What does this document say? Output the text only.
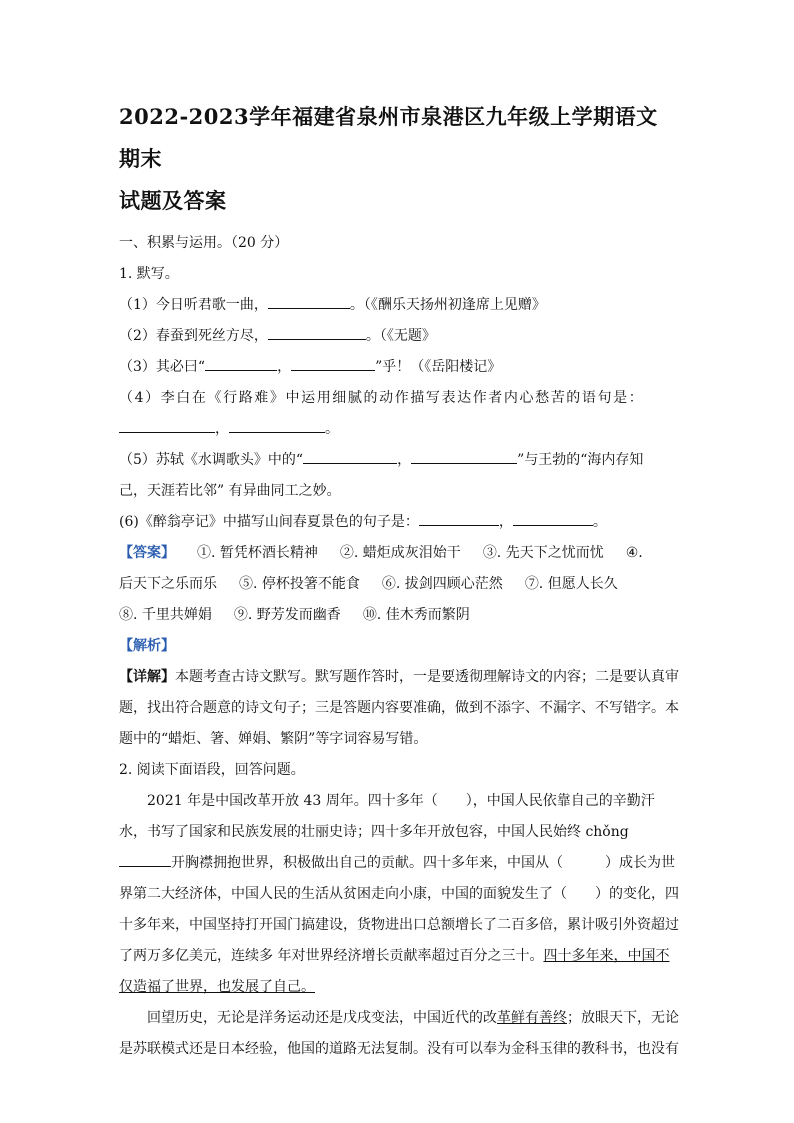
2022-2023学年福建省泉州市泉港区九年级上学期语文期末
试题及答案
一、积累与运用。（20 分）
1. 默写。
（1）今日听君歌一曲，	。（《酬乐天扬州初逢席上见赠》
（2）春蚕到死丝方尽，	。（《无题》
（3）其必曰“	，	”乎！（《岳阳楼记》
（4）李白在《行路难》中运用细腻的动作描写表达作者内心愁苦的语句是：
，	。
（5）苏轼《水调歌头》中的“	，	”与王勃的“海内存知
己，天涯若比邻” 有异曲同工之妙。
(6)《醉翁亭记》中描写山间春夏景色的句子是：	，	。
【答案】 ①. 暂凭杯酒长精神 ②. 蜡炬成灰泪始干 ③. 先天下之忧而忧 ④.
后天下之乐而乐 ⑤. 停杯投箸不能食 ⑥. 拔剑四顾心茫然 ⑦. 但愿人长久
⑧. 千里共婵娟 ⑨. 野芳发而幽香 ⑩. 佳木秀而繁阴
【解析】
【详解】本题考查古诗文默写。默写题作答时，一是要透彻理解诗文的内容；二是要认真审题，找出符合题意的诗文句子；三是答题内容要准确，做到不添字、不漏字、不写错字。本题中的“蜡炬、箸、婵娟、繁阴”等字词容易写错。
2. 阅读下面语段，回答问题。
2021 年是中国改革开放 43 周年。四十多年（　　），中国人民依靠自己的辛勤汗水，书写了国家和民族发展的壮丽史诗；四十多年开放包容，中国人民始终 chǒng开胸襟拥抱世界，积极做出自己的贡献。四十多年来，中国从（　　　）成长为世界第二大经济体，中国人民的生活从贫困走向小康，中国的面貌发生了（　　）的变化，四十多年来，中国坚持打开国门搞建设，货物进出口总额增长了二百多倍，累计吸引外资超过了两万多亿美元，连续多 年对世界经济增长贡献率超过百分之三十。四十多年来，中国不仅造福了世界，也发展了自己。
回望历史，无论是洋务运动还是戊戌变法，中国近代的改革鲜有善终；放眼天下，无论是苏联模式还是日本经验，他国的道路无法复制。没有可以奉为金科玉律的教科书，也没有
